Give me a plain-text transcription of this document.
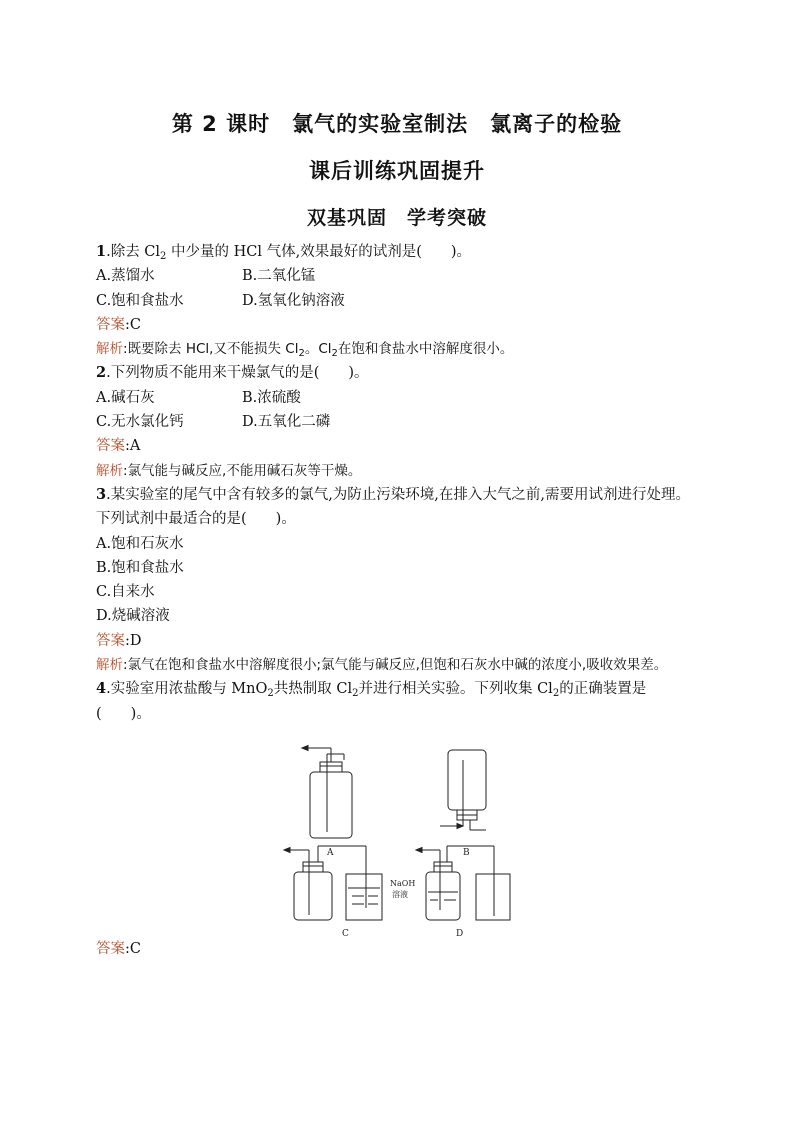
第 2 课时　氯气的实验室制法　氯离子的检验
课后训练巩固提升
双基巩固　学考突破
1.除去 $Cl_2$ 中少量的 HCl 气体,效果最好的试剂是(　　)。
A.蒸馏水	B.二氧化锰
C.饱和食盐水	D.氢氧化钠溶液
答案:C
解析:既要除去 HCl,又不能损失 $Cl_2$。$Cl_2$在饱和食盐水中溶解度很小。
2.下列物质不能用来干燥氯气的是(　　)。
A.碱石灰	B.浓硫酸
C.无水氯化钙	D.五氧化二磷
答案:A
解析:氯气能与碱反应,不能用碱石灰等干燥。
3.某实验室的尾气中含有较多的氯气,为防止污染环境,在排入大气之前,需要用试剂进行处理。下列试剂中最适合的是(　　)。
A.饱和石灰水
B.饱和食盐水
C.自来水
D.烧碱溶液
答案:D
解析:氯气在饱和食盐水中溶解度很小;氯气能与碱反应,但饱和石灰水中碱的浓度小,吸收效果差。
4.实验室用浓盐酸与 MnO$_2$共热制取 $Cl_2$并进行相关实验。下列收集 $Cl_2$的正确装置是(　　)。
A	B
C
NaOH
溶液
D
答案:C
